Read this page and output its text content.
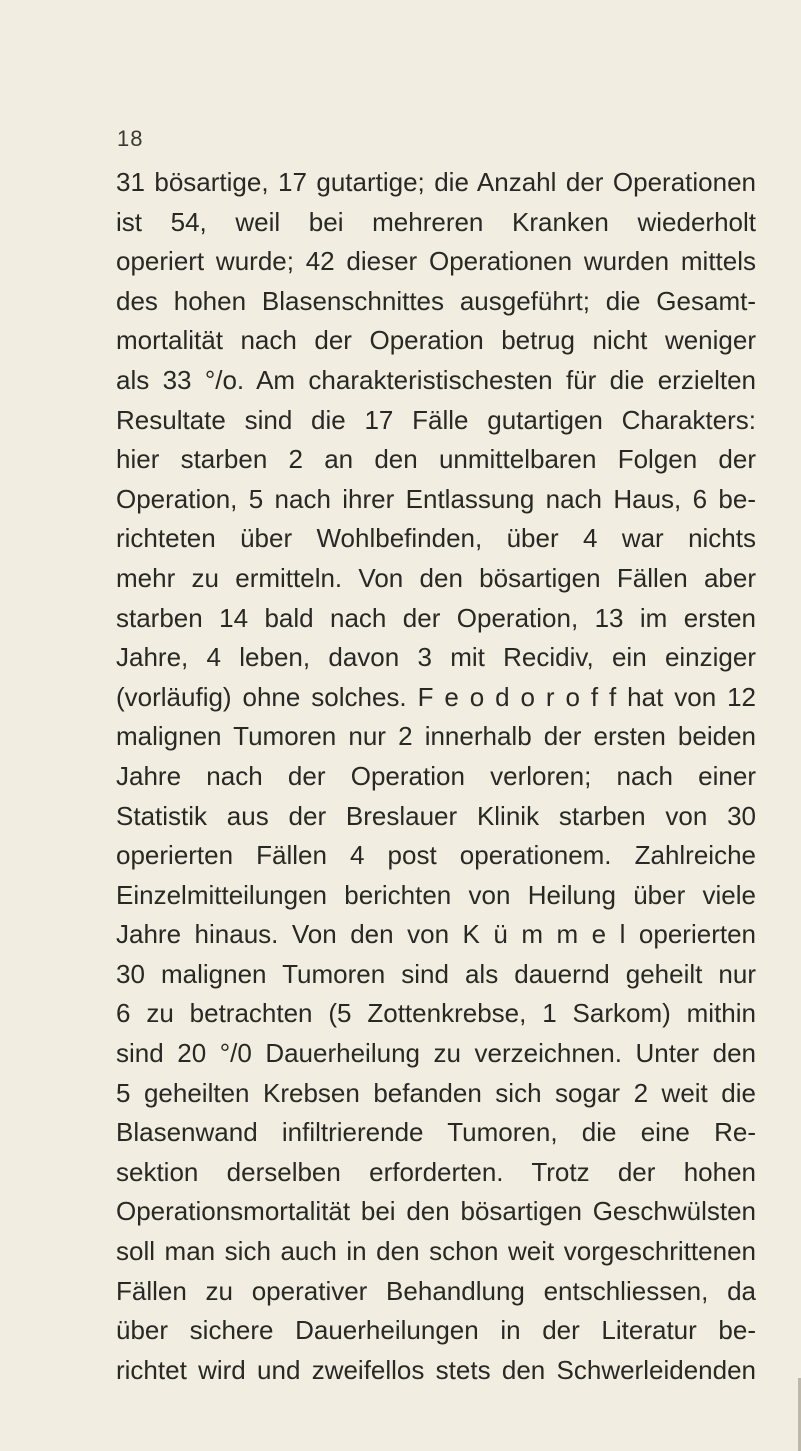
18
31 bösartige, 17 gutartige; die Anzahl der Operationen
ist 54, weil bei mehreren Kranken wiederholt
operiert wurde; 42 dieser Operationen wurden mittels
des hohen Blasenschnittes ausgeführt; die Gesamt-
mortalität nach der Operation betrug nicht weniger
als 33 °/o. Am charakteristischesten für die erzielten
Resultate sind die 17 Fälle gutartigen Charakters:
hier starben 2 an den unmittelbaren Folgen der
Operation, 5 nach ihrer Entlassung nach Haus, 6 be-
richteten über Wohlbefinden, über 4 war nichts
mehr zu ermitteln. Von den bösartigen Fällen aber
starben 14 bald nach der Operation, 13 im ersten
Jahre, 4 leben, davon 3 mit Recidiv, ein einziger
(vorläufig) ohne solches. F e o d o r o f f hat von 12
malignen Tumoren nur 2 innerhalb der ersten beiden
Jahre nach der Operation verloren; nach einer
Statistik aus der Breslauer Klinik starben von 30
operierten Fällen 4 post operationem. Zahlreiche
Einzelmitteilungen berichten von Heilung über viele
Jahre hinaus. Von den von K ü m m e l operierten
30 malignen Tumoren sind als dauernd geheilt nur
6 zu betrachten (5 Zottenkrebse, 1 Sarkom) mithin
sind 20 °/0 Dauerheilung zu verzeichnen. Unter den
5 geheilten Krebsen befanden sich sogar 2 weit die
Blasenwand infiltrierende Tumoren, die eine Re-
sektion derselben erforderten. Trotz der hohen
Operationsmortalität bei den bösartigen Geschwülsten
soll man sich auch in den schon weit vorgeschrittenen
Fällen zu operativer Behandlung entschliessen, da
über sichere Dauerheilungen in der Literatur be-
richtet wird und zweifellos stets den Schwerleidenden
